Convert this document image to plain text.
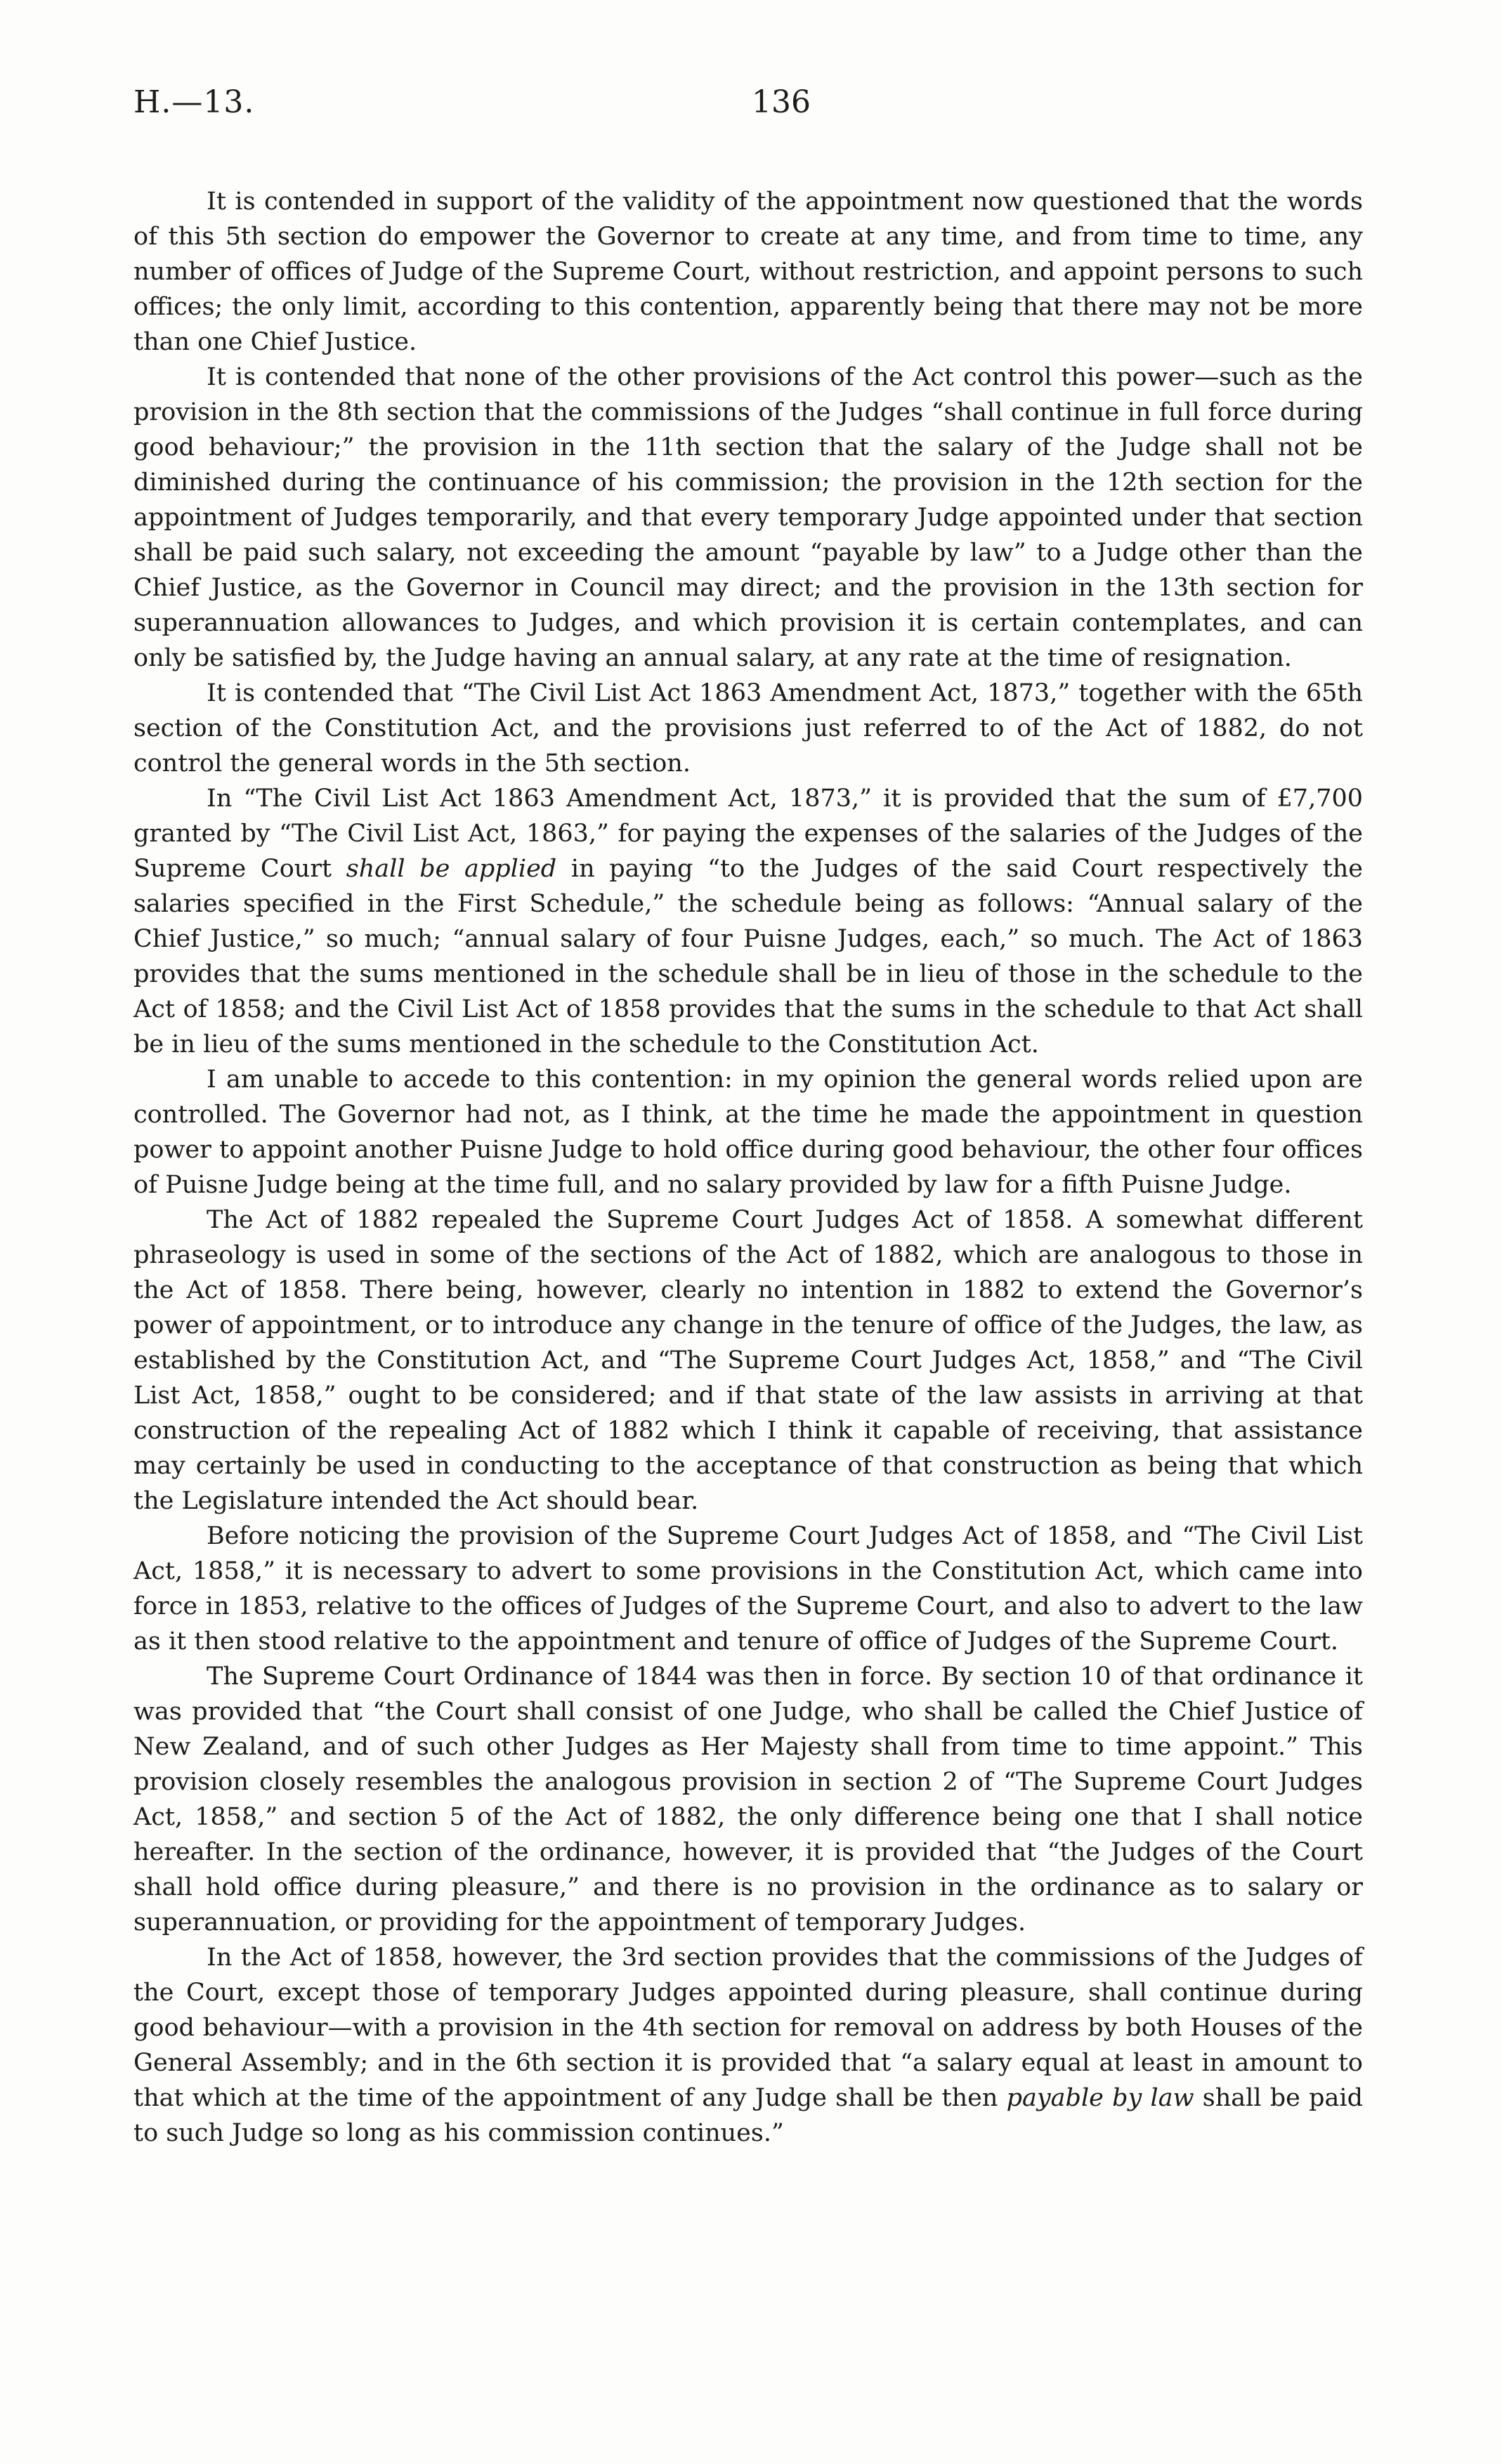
H.—13.	136

It is contended in support of the validity of the appointment now questioned that the words of this 5th section do empower the Governor to create at any time, and from time to time, any number of offices of Judge of the Supreme Court, without restriction, and appoint persons to such offices; the only limit, according to this contention, apparently being that there may not be more than one Chief Justice.

It is contended that none of the other provisions of the Act control this power—such as the provision in the 8th section that the commissions of the Judges “shall continue in full force during good behaviour;” the provision in the 11th section that the salary of the Judge shall not be diminished during the continuance of his commission; the provision in the 12th section for the appointment of Judges temporarily, and that every temporary Judge appointed under that section shall be paid such salary, not exceeding the amount “payable by law” to a Judge other than the Chief Justice, as the Governor in Council may direct; and the provision in the 13th section for superannuation allowances to Judges, and which provision it is certain contemplates, and can only be satisfied by, the Judge having an annual salary, at any rate at the time of resignation.

It is contended that “The Civil List Act 1863 Amendment Act, 1873,” together with the 65th section of the Constitution Act, and the provisions just referred to of the Act of 1882, do not control the general words in the 5th section.

In “The Civil List Act 1863 Amendment Act, 1873,” it is provided that the sum of £7,700 granted by “The Civil List Act, 1863,” for paying the expenses of the salaries of the Judges of the Supreme Court shall be applied in paying “to the Judges of the said Court respectively the salaries specified in the First Schedule,” the schedule being as follows: “Annual salary of the Chief Justice,” so much; “annual salary of four Puisne Judges, each,” so much. The Act of 1863 provides that the sums mentioned in the schedule shall be in lieu of those in the schedule to the Act of 1858; and the Civil List Act of 1858 provides that the sums in the schedule to that Act shall be in lieu of the sums mentioned in the schedule to the Constitution Act.

I am unable to accede to this contention: in my opinion the general words relied upon are controlled. The Governor had not, as I think, at the time he made the appointment in question power to appoint another Puisne Judge to hold office during good behaviour, the other four offices of Puisne Judge being at the time full, and no salary provided by law for a fifth Puisne Judge.

The Act of 1882 repealed the Supreme Court Judges Act of 1858. A somewhat different phraseology is used in some of the sections of the Act of 1882, which are analogous to those in the Act of 1858. There being, however, clearly no intention in 1882 to extend the Governor’s power of appointment, or to introduce any change in the tenure of office of the Judges, the law, as established by the Constitution Act, and “The Supreme Court Judges Act, 1858,” and “The Civil List Act, 1858,” ought to be considered; and if that state of the law assists in arriving at that construction of the repealing Act of 1882 which I think it capable of receiving, that assistance may certainly be used in conducting to the acceptance of that construction as being that which the Legislature intended the Act should bear.

Before noticing the provision of the Supreme Court Judges Act of 1858, and “The Civil List Act, 1858,” it is necessary to advert to some provisions in the Constitution Act, which came into force in 1853, relative to the offices of Judges of the Supreme Court, and also to advert to the law as it then stood relative to the appointment and tenure of office of Judges of the Supreme Court.

The Supreme Court Ordinance of 1844 was then in force. By section 10 of that ordinance it was provided that “the Court shall consist of one Judge, who shall be called the Chief Justice of New Zealand, and of such other Judges as Her Majesty shall from time to time appoint.” This provision closely resembles the analogous provision in section 2 of “The Supreme Court Judges Act, 1858,” and section 5 of the Act of 1882, the only difference being one that I shall notice hereafter. In the section of the ordinance, however, it is provided that “the Judges of the Court shall hold office during pleasure,” and there is no provision in the ordinance as to salary or superannuation, or providing for the appointment of temporary Judges.

In the Act of 1858, however, the 3rd section provides that the commissions of the Judges of the Court, except those of temporary Judges appointed during pleasure, shall continue during good behaviour—with a provision in the 4th section for removal on address by both Houses of the General Assembly; and in the 6th section it is provided that “a salary equal at least in amount to that which at the time of the appointment of any Judge shall be then payable by law shall be paid to such Judge so long as his commission continues.”
